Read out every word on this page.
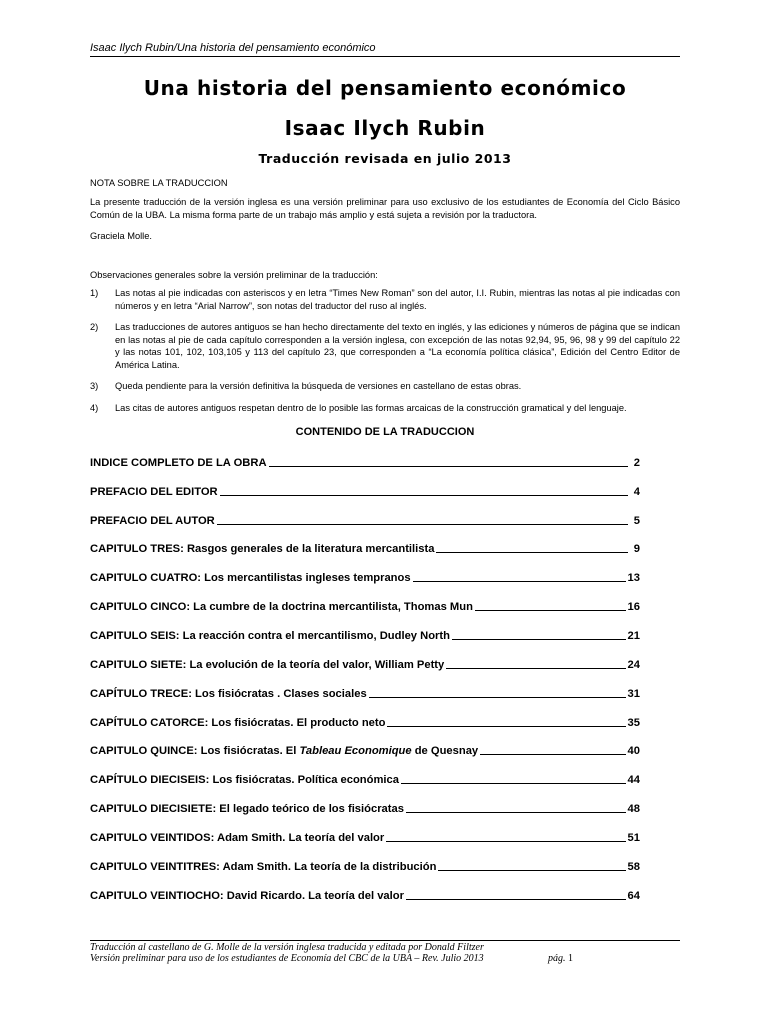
Isaac Ilych Rubin/Una historia del pensamiento económico
Una historia del pensamiento económico
Isaac Ilych Rubin
Traducción revisada en julio 2013
NOTA SOBRE LA TRADUCCION
La presente traducción de la versión inglesa es una versión preliminar para uso exclusivo de los estudiantes de Economía del Ciclo Básico Común de la UBA. La misma forma parte de un trabajo más amplio y está sujeta a revisión por la traductora.
Graciela Molle.
Observaciones generales sobre la versión preliminar de la traducción:
1) Las notas al pie indicadas con asteriscos y en letra “Times New Roman” son del autor, I.I. Rubin, mientras las notas al pie indicadas con números y en letra “Arial Narrow”, son notas del traductor del ruso al inglés.
2) Las traducciones de autores antiguos se han hecho directamente del texto en inglés, y las ediciones y números de página que se indican en las notas al pie de cada capítulo corresponden a la versión inglesa, con excepción de las notas 92,94, 95, 96, 98 y 99 del capítulo 22 y las notas 101, 102, 103,105 y 113 del capítulo 23, que corresponden a “La economía política clásica”, Edición del Centro Editor de América Latina.
3) Queda pendiente para la versión definitiva la búsqueda de versiones en castellano de estas obras.
4) Las citas de autores antiguos respetan dentro de lo posible las formas arcaicas de la construcción gramatical y del lenguaje.
CONTENIDO DE LA TRADUCCION
INDICE COMPLETO DE LA OBRA	2
PREFACIO DEL EDITOR	4
PREFACIO DEL AUTOR	5
CAPITULO TRES: Rasgos generales de la literatura mercantilista	9
CAPITULO CUATRO: Los mercantilistas ingleses tempranos	13
CAPITULO CINCO: La cumbre de la doctrina mercantilista, Thomas Mun	16
CAPITULO SEIS: La reacción contra el mercantilismo, Dudley North	21
CAPITULO SIETE: La evolución de la teoría del valor, William Petty	24
CAPÍTULO TRECE: Los fisiócratas . Clases sociales	31
CAPÍTULO CATORCE: Los fisiócratas. El producto neto	35
CAPITULO QUINCE: Los fisiócratas. El Tableau Economique de Quesnay	40
CAPÍTULO DIECISEIS: Los fisiócratas. Política económica	44
CAPITULO DIECISIETE: El legado teórico de los fisiócratas	48
CAPITULO VEINTIDOS: Adam Smith. La teoría del valor	51
CAPITULO VEINTITRES: Adam Smith. La teoría de la distribución	58
CAPITULO VEINTIOCHO: David Ricardo. La teoría del valor	64
Traducción al castellano de G. Molle de la versión inglesa traducida y editada por Donald Filtzer
Versión preliminar para uso de los estudiantes de Economía del CBC de la UBA – Rev. Julio 2013	pág. 1
